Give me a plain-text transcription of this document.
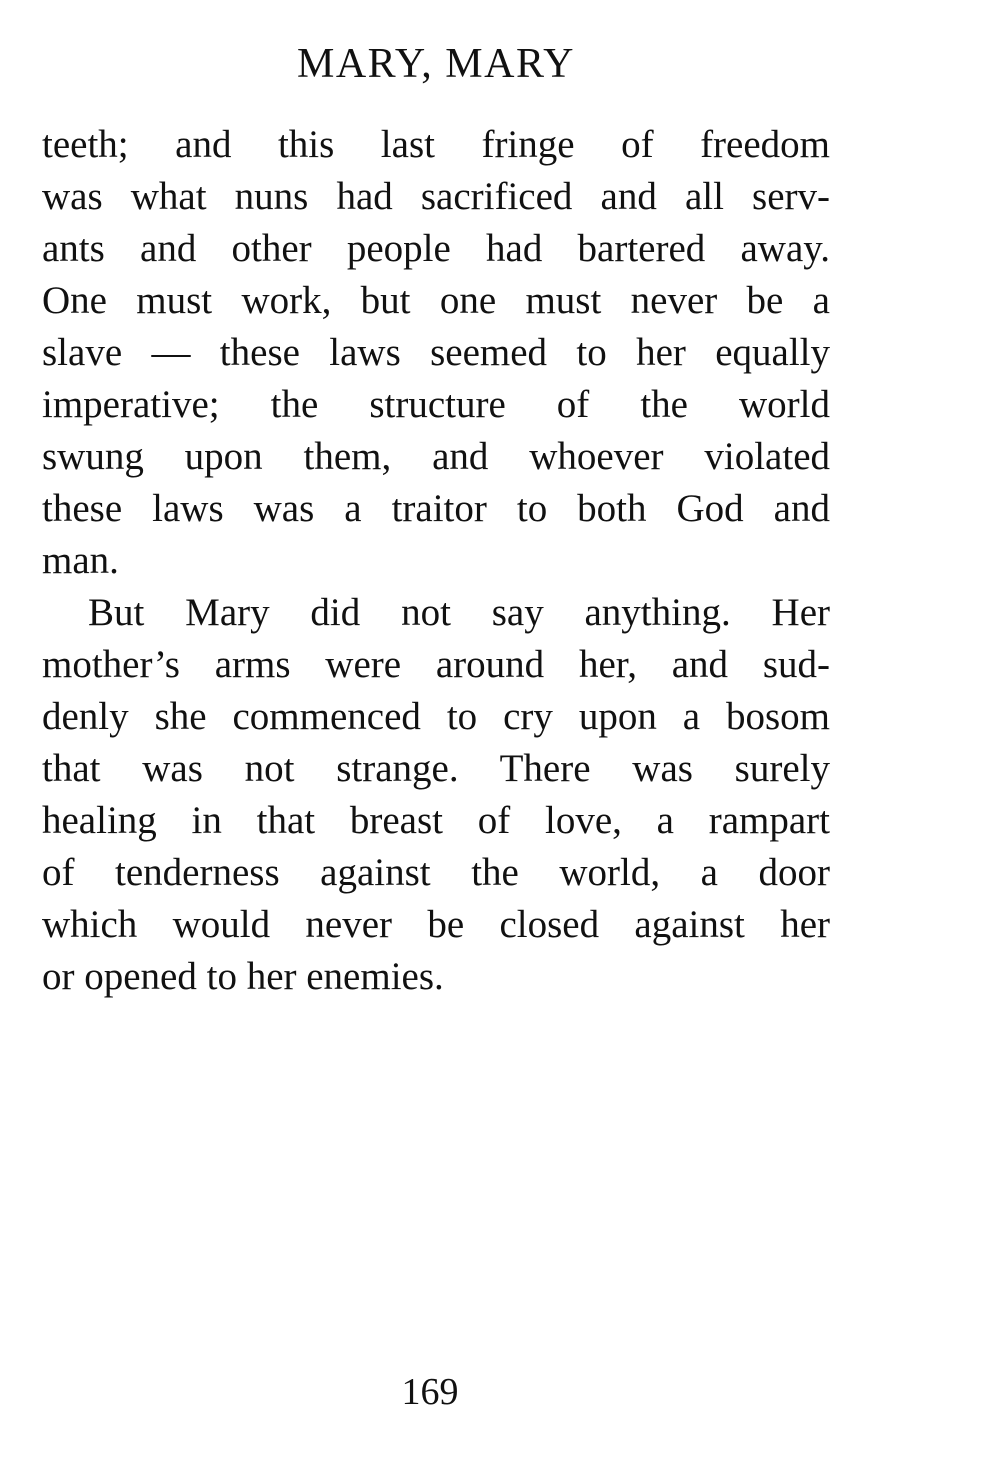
MARY, MARY
teeth; and this last fringe of freedom
was what nuns had sacrificed and all serv-
ants and other people had bartered away.
One must work, but one must never be a
slave — these laws seemed to her equally
imperative; the structure of the world
swung upon them, and whoever violated
these laws was a traitor to both God and
man.
But Mary did not say anything. Her
mother’s arms were around her, and sud-
denly she commenced to cry upon a bosom
that was not strange. There was surely
healing in that breast of love, a rampart
of tenderness against the world, a door
which would never be closed against her
or opened to her enemies.
169
